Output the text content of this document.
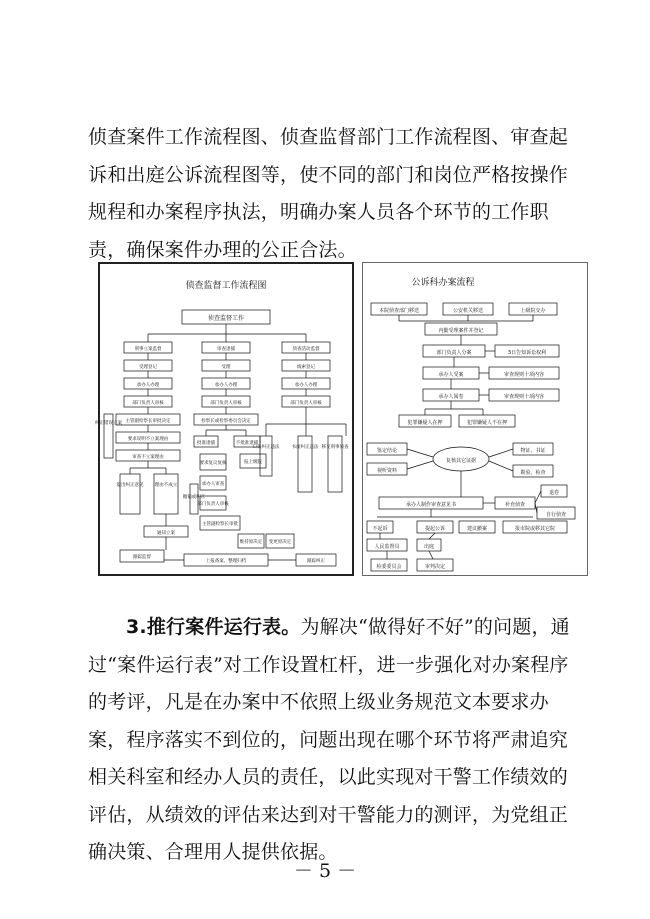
侦查案件工作流程图、侦查监督部门工作流程图、审查起诉和出庭公诉流程图等，使不同的部门和岗位严格按操作规程和办案程序执法，明确办案人员各个环节的工作职责，确保案件办理的公正合法。

侦查监督工作流程图
侦查监督工作
刑事立案监督
受理登记
承办人办理
部门负责人审核
主管副检察长审批决定
审查逮捕
受理
承办人办理
部门负责人审核
检察长或检察委员会决定
侦查活动监督
线索登记
承办人办理
部门负责人审核
纠正错误立案
要求说明不立案理由
审查不立案理由
提出纠正意见	理由不成立
通知立案
跟踪监督
撤销或纠正
批准逮捕	不批准逮捕
要求复议复核
承办人审查
部门负责人审核
主管副检察长审批
报上级院
维持原决定 变更原决定
口头纠正违法	书面纠正违法 移交刑事侦查
上报备案、整理归档	跟踪纠正
公诉科办案流程
本院侦查部门移送	公安机关移送	上级院交办
内勤受理案件并登记
部门负责人分案	3日告知诉讼权利
承办人受案	审查规则十项内容
承办人阅卷	审查规则十项内容
犯罪嫌疑人在押	犯罪嫌疑人不在押
鉴定结论
视听资料
复核其它证据
物证、书证
勘验、检查
承办人制作审查意见书	补充侦查
退卷
自行侦查
不起诉	提起公诉	建议撤案	报市院或移其它院
人民监督员	出庭
检委委员会	审判决定

3.推行案件运行表。为解决“做得好不好”的问题，通过“案件运行表”对工作设置杠杆，进一步强化对办案程序的考评，凡是在办案中不依照上级业务规范文本要求办案，程序落实不到位的，问题出现在哪个环节将严肃追究相关科室和经办人员的责任，以此实现对干警工作绩效的评估，从绩效的评估来达到对干警能力的测评，为党组正确决策、合理用人提供依据。

－ 5 －
